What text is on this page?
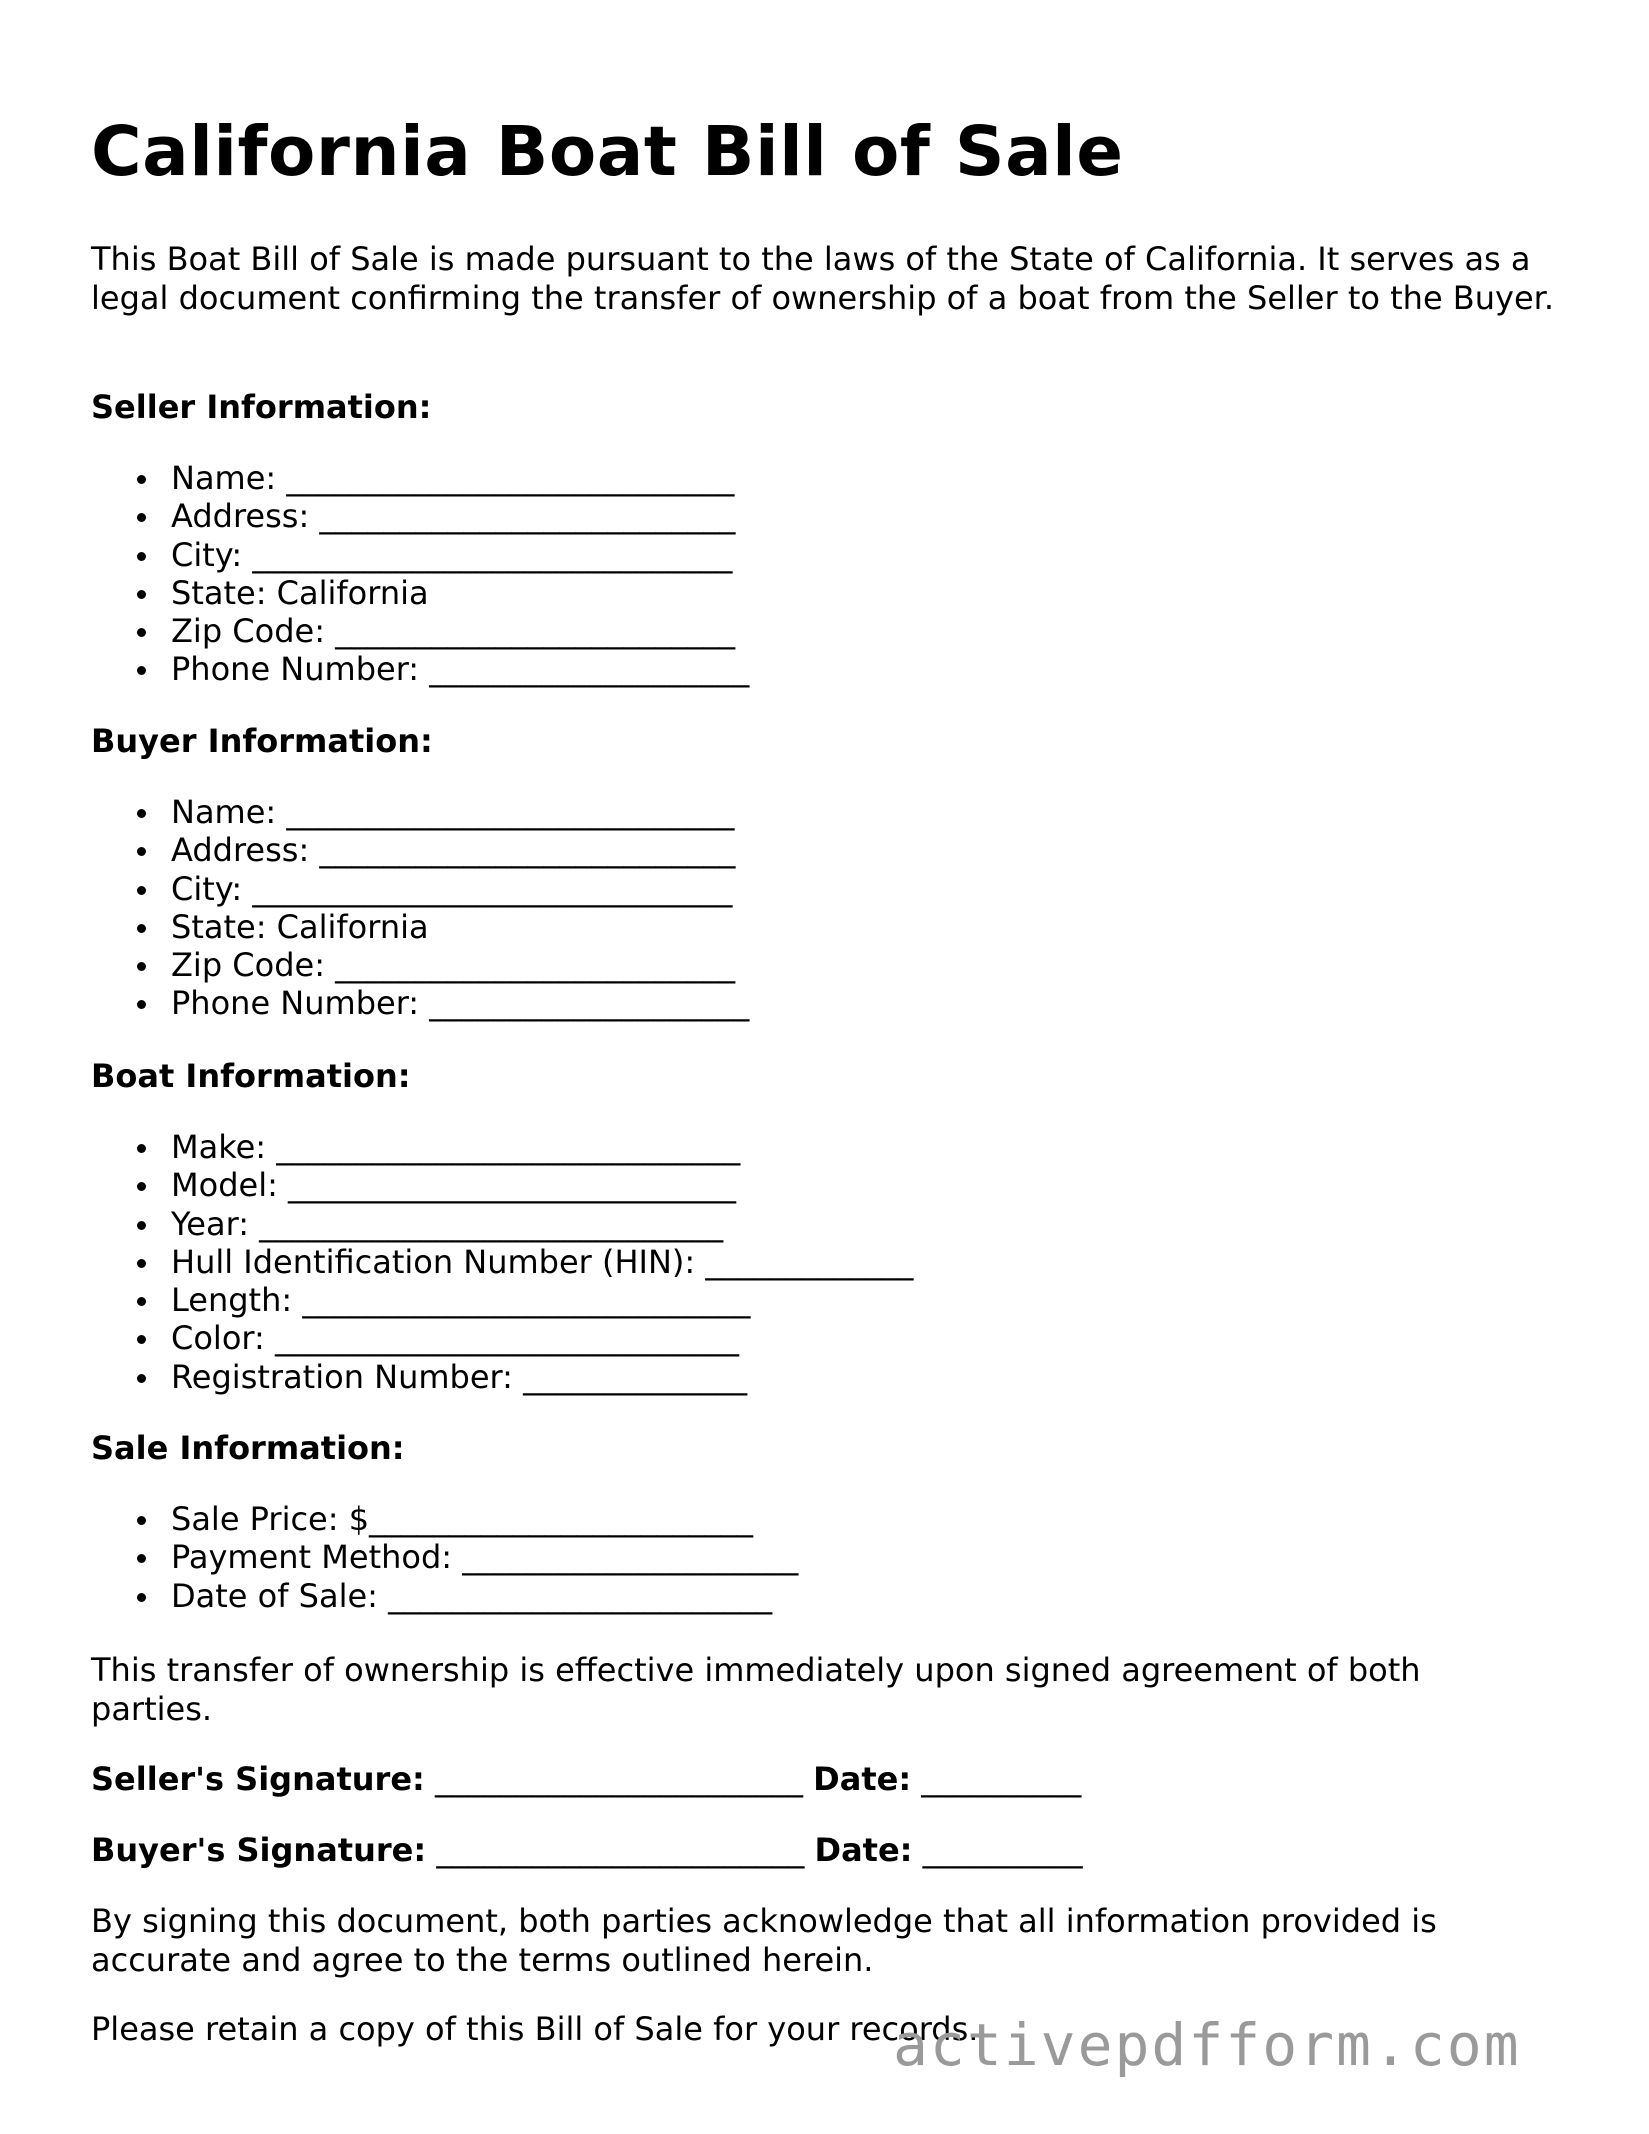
California Boat Bill of Sale

This Boat Bill of Sale is made pursuant to the laws of the State of California. It serves as a legal document confirming the transfer of ownership of a boat from the Seller to the Buyer.

Seller Information:

Name: ____________________________
Address: __________________________
City: ______________________________
State: California
Zip Code: _________________________
Phone Number: ____________________

Buyer Information:

Name: ____________________________
Address: __________________________
City: ______________________________
State: California
Zip Code: _________________________
Phone Number: ____________________

Boat Information:

Make: _____________________________
Model: ____________________________
Year: _____________________________
Hull Identification Number (HIN): _____________
Length: ____________________________
Color: _____________________________
Registration Number: ______________

Sale Information:

Sale Price: $________________________
Payment Method: _____________________
Date of Sale: ________________________

This transfer of ownership is effective immediately upon signed agreement of both parties.

Seller's Signature: _______________________ Date: __________

Buyer's Signature: _______________________ Date: __________

By signing this document, both parties acknowledge that all information provided is accurate and agree to the terms outlined herein.

Please retain a copy of this Bill of Sale for your records.

activepdfform.com
